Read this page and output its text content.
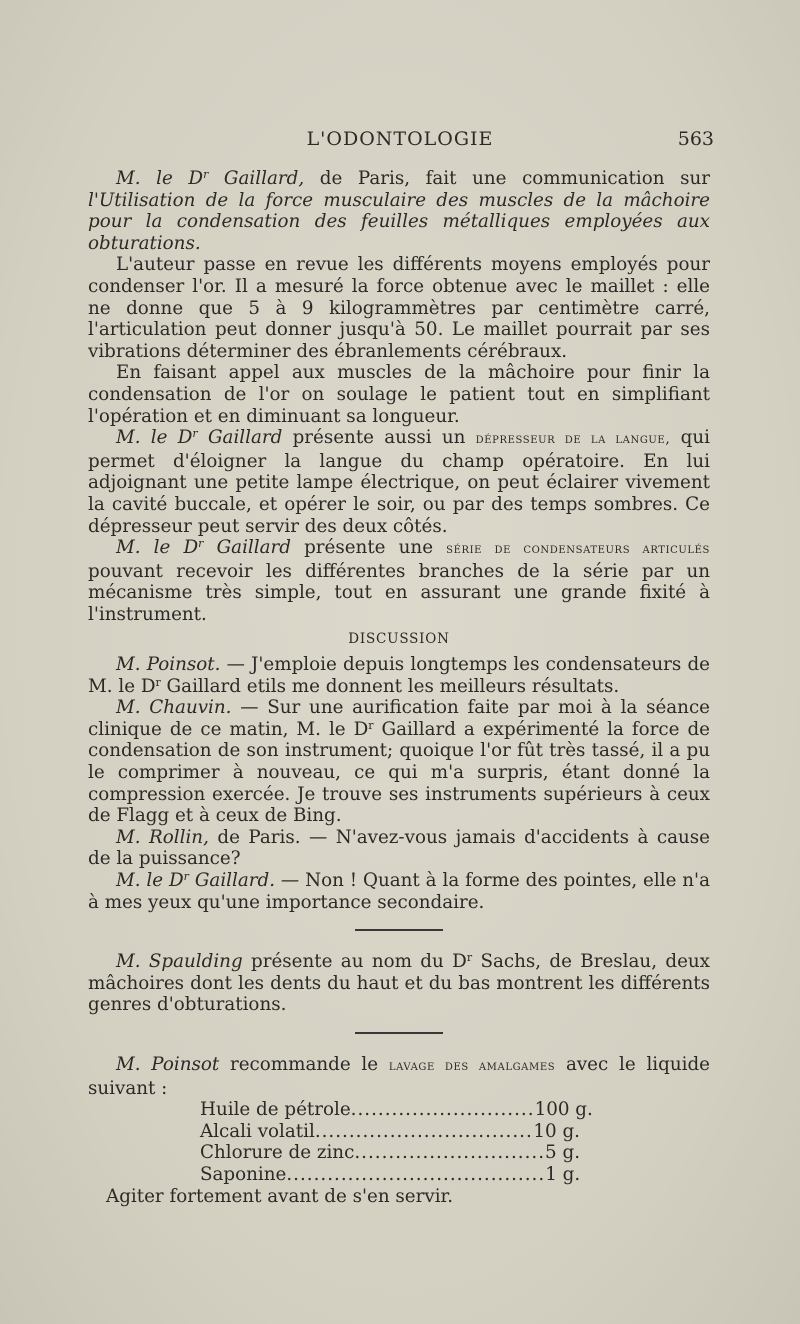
L'ODONTOLOGIE	563

M. le $D^r$ Gaillard, de Paris, fait une communication sur l'Utilisation de la force musculaire des muscles de la mâchoire pour la condensation des feuilles métalliques employées aux obturations.

L'auteur passe en revue les différents moyens employés pour condenser l'or. Il a mesuré la force obtenue avec le maillet : elle ne donne que 5 à 9 kilogrammètres par centimètre carré, l'articulation peut donner jusqu'à 50. Le maillet pourrait par ses vibrations déterminer des ébranlements cérébraux.

En faisant appel aux muscles de la mâchoire pour finir la condensation de l'or on soulage le patient tout en simplifiant l'opération et en diminuant sa longueur.

M. le $D^r$ Gaillard présente aussi un dépresseur de la langue, qui permet d'éloigner la langue du champ opératoire. En lui adjoignant une petite lampe électrique, on peut éclairer vivement la cavité buccale, et opérer le soir, ou par des temps sombres. Ce dépresseur peut servir des deux côtés.

M. le $D^r$ Gaillard présente une série de condensateurs articulés pouvant recevoir les différentes branches de la série par un mécanisme très simple, tout en assurant une grande fixité à l'instrument.

DISCUSSION

M. Poinsot. — J'emploie depuis longtemps les condensateurs de M. le $D^r$ Gaillard etils me donnent les meilleurs résultats.

M. Chauvin. — Sur une aurification faite par moi à la séance clinique de ce matin, M. le $D^r$ Gaillard a expérimenté la force de condensation de son instrument; quoique l'or fût très tassé, il a pu le comprimer à nouveau, ce qui m'a surpris, étant donné la compression exercée. Je trouve ses instruments supérieurs à ceux de Flagg et à ceux de Bing.

M. Rollin, de Paris. — N'avez-vous jamais d'accidents à cause de la puissance?

M. le $D^r$ Gaillard. — Non ! Quant à la forme des pointes, elle n'a à mes yeux qu'une importance secondaire.

M. Spaulding présente au nom du $D^r$ Sachs, de Breslau, deux mâchoires dont les dents du haut et du bas montrent les différents genres d'obturations.

M. Poinsot recommande le lavage des amalgames avec le liquide suivant :

Huile de pétrole ........................... 100 g.
Alcali volatil ................................ 10 g.
Chlorure de zinc ............................ 5 g.
Saponine ...................................... 1 g.

Agiter fortement avant de s'en servir.
